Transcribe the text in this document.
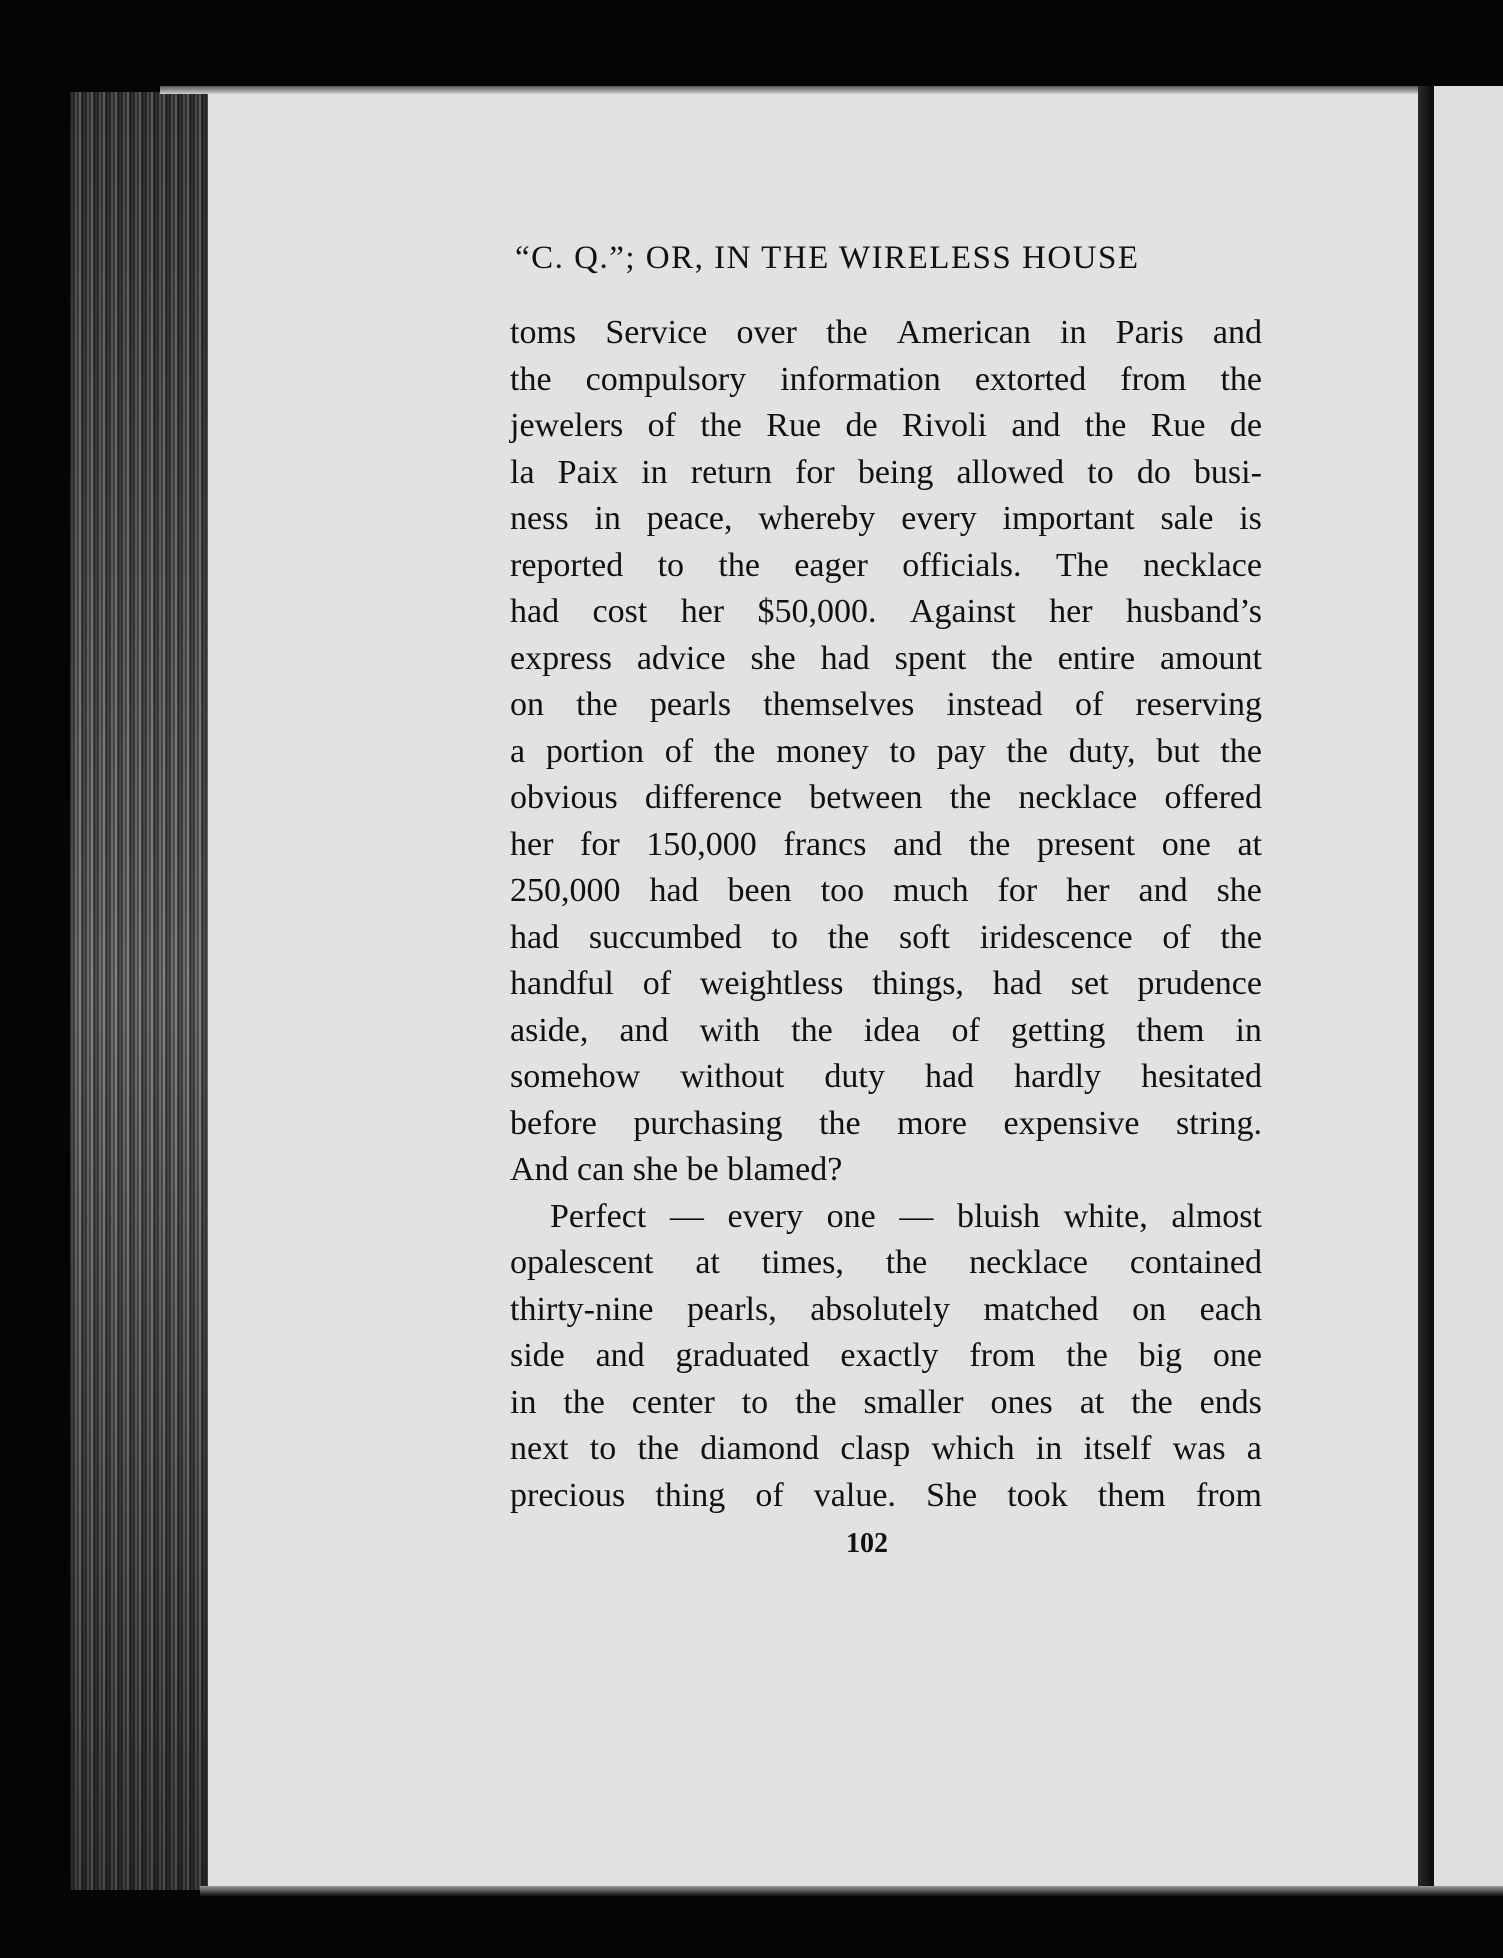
“C. Q.”; OR, IN THE WIRELESS HOUSE
toms Service over the American in Paris and
the compulsory information extorted from the
jewelers of the Rue de Rivoli and the Rue de
la Paix in return for being allowed to do busi-
ness in peace, whereby every important sale is
reported to the eager officials. The necklace
had cost her $50,000. Against her husband’s
express advice she had spent the entire amount
on the pearls themselves instead of reserving
a portion of the money to pay the duty, but the
obvious difference between the necklace offered
her for 150,000 francs and the present one at
250,000 had been too much for her and she
had succumbed to the soft iridescence of the
handful of weightless things, had set prudence
aside, and with the idea of getting them in
somehow without duty had hardly hesitated
before purchasing the more expensive string.
And can she be blamed?
Perfect — every one — bluish white, almost
opalescent at times, the necklace contained
thirty-nine pearls, absolutely matched on each
side and graduated exactly from the big one
in the center to the smaller ones at the ends
next to the diamond clasp which in itself was a
precious thing of value. She took them from
102
